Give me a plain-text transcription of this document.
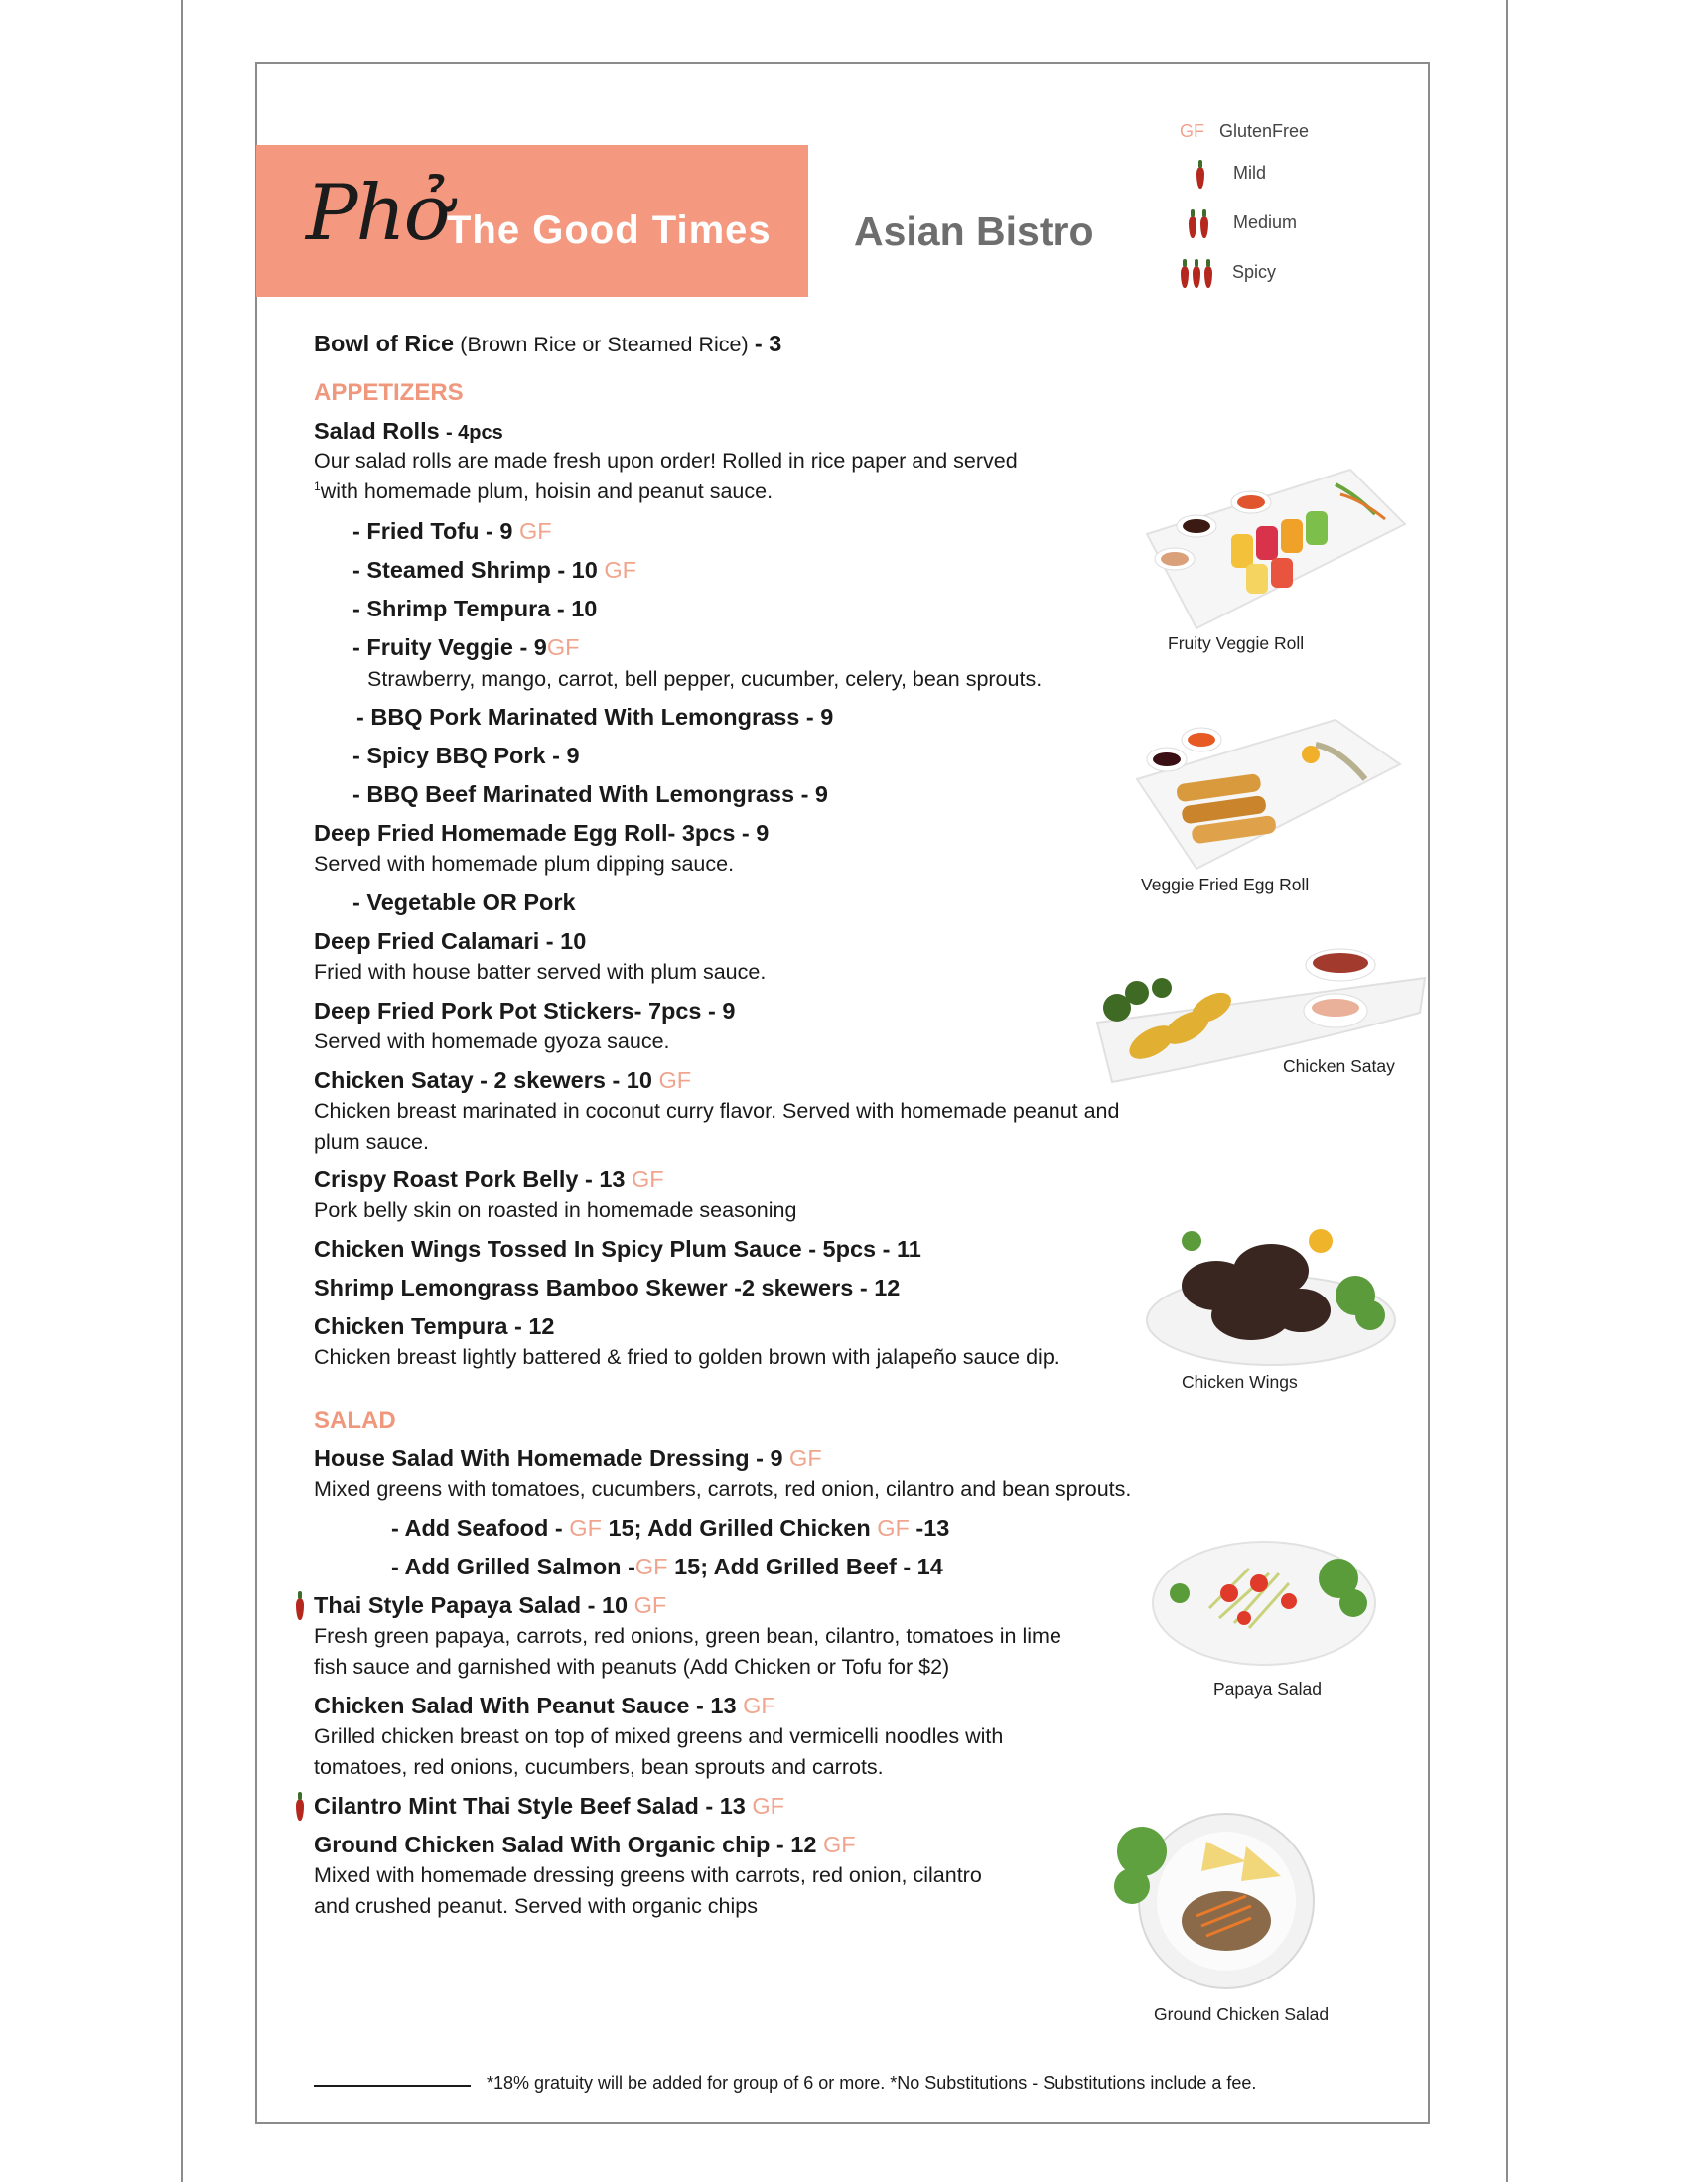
Phở
The Good Times Asian Bistro
GF GlutenFree
Mild
Medium
Spicy
Bowl of Rice (Brown Rice or Steamed Rice) - 3
APPETIZERS
Salad Rolls - 4pcs
Our salad rolls are made fresh upon order! Rolled in rice paper and served
$^1$with homemade plum, hoisin and peanut sauce.
- Fried Tofu - 9 GF
- Steamed Shrimp - 10 GF
- Shrimp Tempura - 10
- Fruity Veggie - 9GF
Strawberry, mango, carrot, bell pepper, cucumber, celery, bean sprouts.
- BBQ Pork Marinated With Lemongrass - 9
- Spicy BBQ Pork - 9
- BBQ Beef Marinated With Lemongrass - 9
Deep Fried Homemade Egg Roll- 3pcs - 9
Served with homemade plum dipping sauce.
- Vegetable OR Pork
Deep Fried Calamari - 10
Fried with house batter served with plum sauce.
Deep Fried Pork Pot Stickers- 7pcs - 9
Served with homemade gyoza sauce.
Chicken Satay - 2 skewers - 10 GF
Chicken breast marinated in coconut curry flavor. Served with homemade peanut and
plum sauce.
Crispy Roast Pork Belly - 13 GF
Pork belly skin on roasted in homemade seasoning
Chicken Wings Tossed In Spicy Plum Sauce - 5pcs - 11
Shrimp Lemongrass Bamboo Skewer -2 skewers - 12
Chicken Tempura - 12
Chicken breast lightly battered & fried to golden brown with jalapeño sauce dip.
SALAD
House Salad With Homemade Dressing - 9 GF
Mixed greens with tomatoes, cucumbers, carrots, red onion, cilantro and bean sprouts.
- Add Seafood - GF 15; Add Grilled Chicken GF -13
- Add Grilled Salmon -GF 15; Add Grilled Beef - 14
Thai Style Papaya Salad - 10 GF
Fresh green papaya, carrots, red onions, green bean, cilantro, tomatoes in lime
fish sauce and garnished with peanuts (Add Chicken or Tofu for $2)
Chicken Salad With Peanut Sauce - 13 GF
Grilled chicken breast on top of mixed greens and vermicelli noodles with
tomatoes, red onions, cucumbers, bean sprouts and carrots.
Cilantro Mint Thai Style Beef Salad - 13 GF
Ground Chicken Salad With Organic chip - 12 GF
Mixed with homemade dressing greens with carrots, red onion, cilantro
and crushed peanut. Served with organic chips
Fruity Veggie Roll
Veggie Fried Egg Roll
Chicken Satay
Chicken Wings
Papaya Salad
Ground Chicken Salad
*18% gratuity will be added for group of 6 or more. *No Substitutions - Substitutions include a fee.
